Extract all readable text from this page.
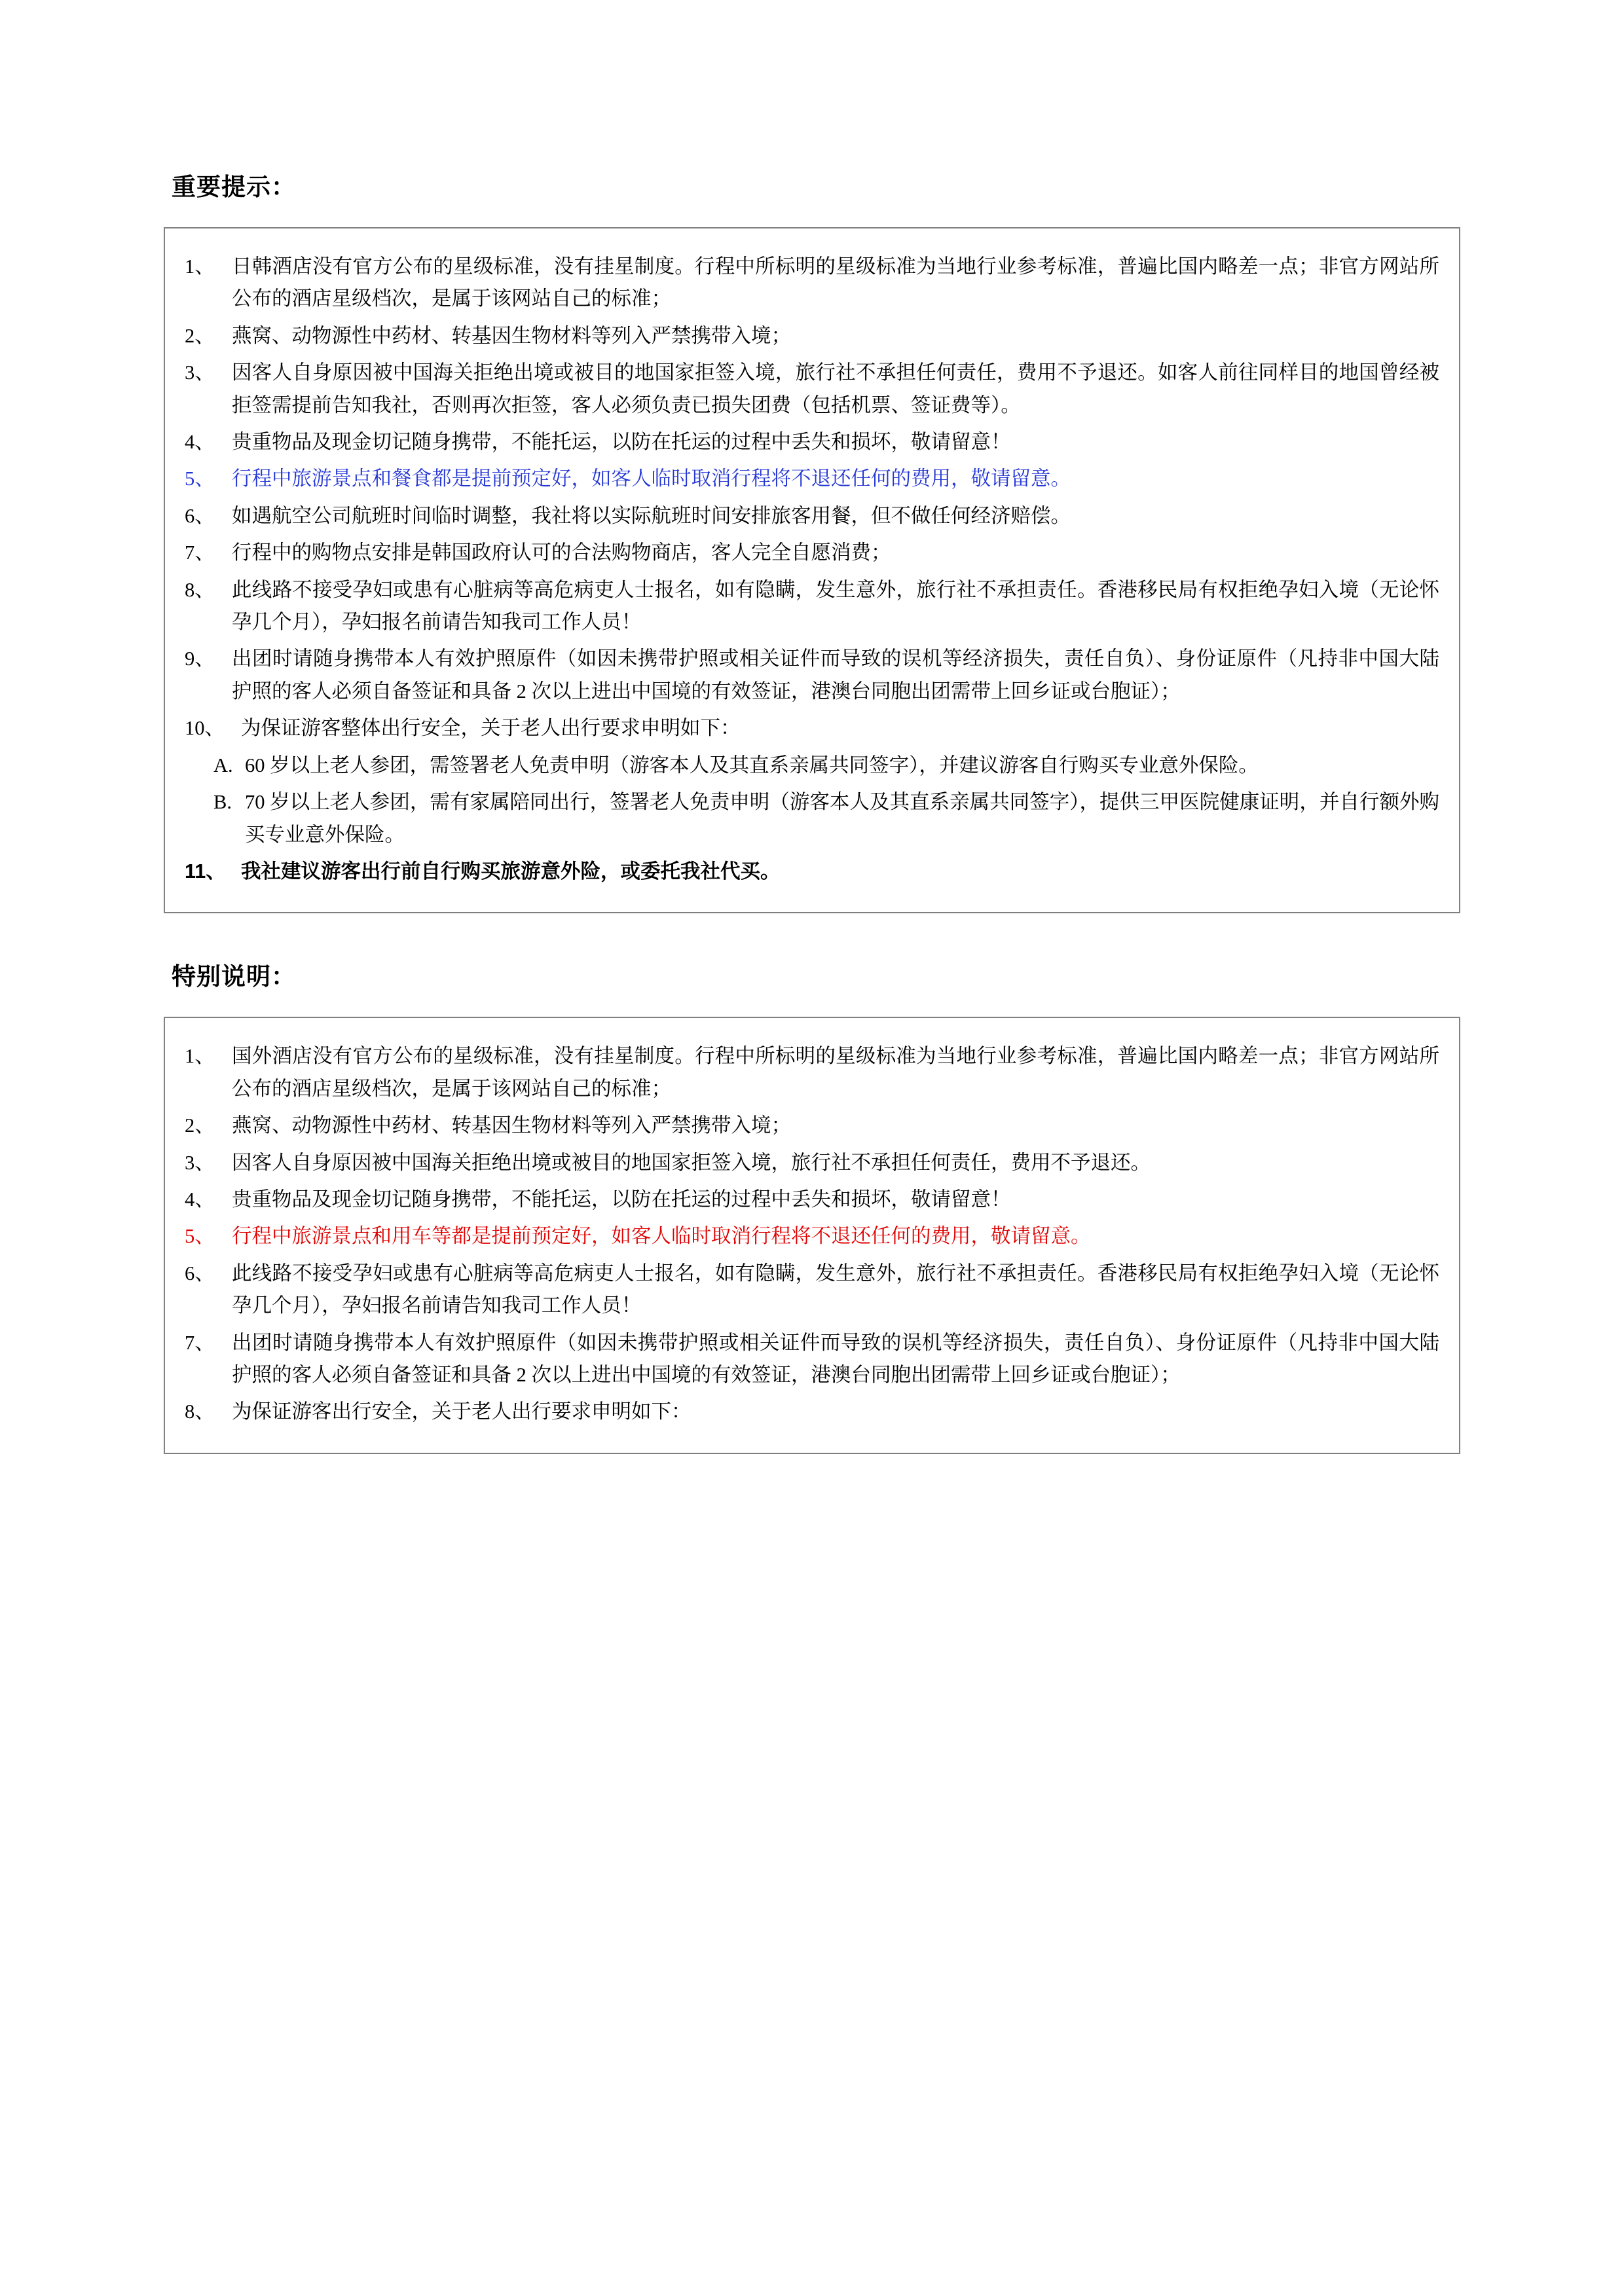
重要提示：
1、 日韩酒店没有官方公布的星级标准，没有挂星制度。行程中所标明的星级标准为当地行业参考标准，普遍比国内略差一点；非官方网站所公布的酒店星级档次，是属于该网站自己的标准；
2、 燕窝、动物源性中药材、转基因生物材料等列入严禁携带入境；
3、 因客人自身原因被中国海关拒绝出境或被目的地国家拒签入境，旅行社不承担任何责任，费用不予退还。如客人前往同样目的地国曾经被拒签需提前告知我社，否则再次拒签，客人必须负责已损失团费（包括机票、签证费等）。
4、 贵重物品及现金切记随身携带，不能托运，以防在托运的过程中丢失和损坏，敬请留意！
5、 行程中旅游景点和餐食都是提前预定好，如客人临时取消行程将不退还任何的费用，敬请留意。
6、 如遇航空公司航班时间临时调整，我社将以实际航班时间安排旅客用餐，但不做任何经济赔偿。
7、 行程中的购物点安排是韩国政府认可的合法购物商店，客人完全自愿消费；
8、 此线路不接受孕妇或患有心脏病等高危病吏人士报名，如有隐瞒，发生意外，旅行社不承担责任。香港移民局有权拒绝孕妇入境（无论怀孕几个月），孕妇报名前请告知我司工作人员！
9、 出团时请随身携带本人有效护照原件（如因未携带护照或相关证件而导致的误机等经济损失，责任自负）、身份证原件（凡持非中国大陆护照的客人必须自备签证和具备 2 次以上进出中国境的有效签证，港澳台同胞出团需带上回乡证或台胞证）；
10、 为保证游客整体出行安全，关于老人出行要求申明如下：
A. 60 岁以上老人参团，需签署老人免责申明（游客本人及其直系亲属共同签字），并建议游客自行购买专业意外保险。
B. 70 岁以上老人参团，需有家属陪同出行，签署老人免责申明（游客本人及其直系亲属共同签字），提供三甲医院健康证明，并自行额外购买专业意外保险。
11、 我社建议游客出行前自行购买旅游意外险，或委托我社代买。
特别说明：
1、 国外酒店没有官方公布的星级标准，没有挂星制度。行程中所标明的星级标准为当地行业参考标准，普遍比国内略差一点；非官方网站所公布的酒店星级档次，是属于该网站自己的标准；
2、 燕窝、动物源性中药材、转基因生物材料等列入严禁携带入境；
3、 因客人自身原因被中国海关拒绝出境或被目的地国家拒签入境，旅行社不承担任何责任，费用不予退还。
4、 贵重物品及现金切记随身携带，不能托运，以防在托运的过程中丢失和损坏，敬请留意！
5、 行程中旅游景点和用车等都是提前预定好，如客人临时取消行程将不退还任何的费用，敬请留意。
6、 此线路不接受孕妇或患有心脏病等高危病吏人士报名，如有隐瞒，发生意外，旅行社不承担责任。香港移民局有权拒绝孕妇入境（无论怀孕几个月），孕妇报名前请告知我司工作人员！
7、 出团时请随身携带本人有效护照原件（如因未携带护照或相关证件而导致的误机等经济损失，责任自负）、身份证原件（凡持非中国大陆护照的客人必须自备签证和具备 2 次以上进出中国境的有效签证，港澳台同胞出团需带上回乡证或台胞证）；
8、 为保证游客出行安全，关于老人出行要求申明如下：
